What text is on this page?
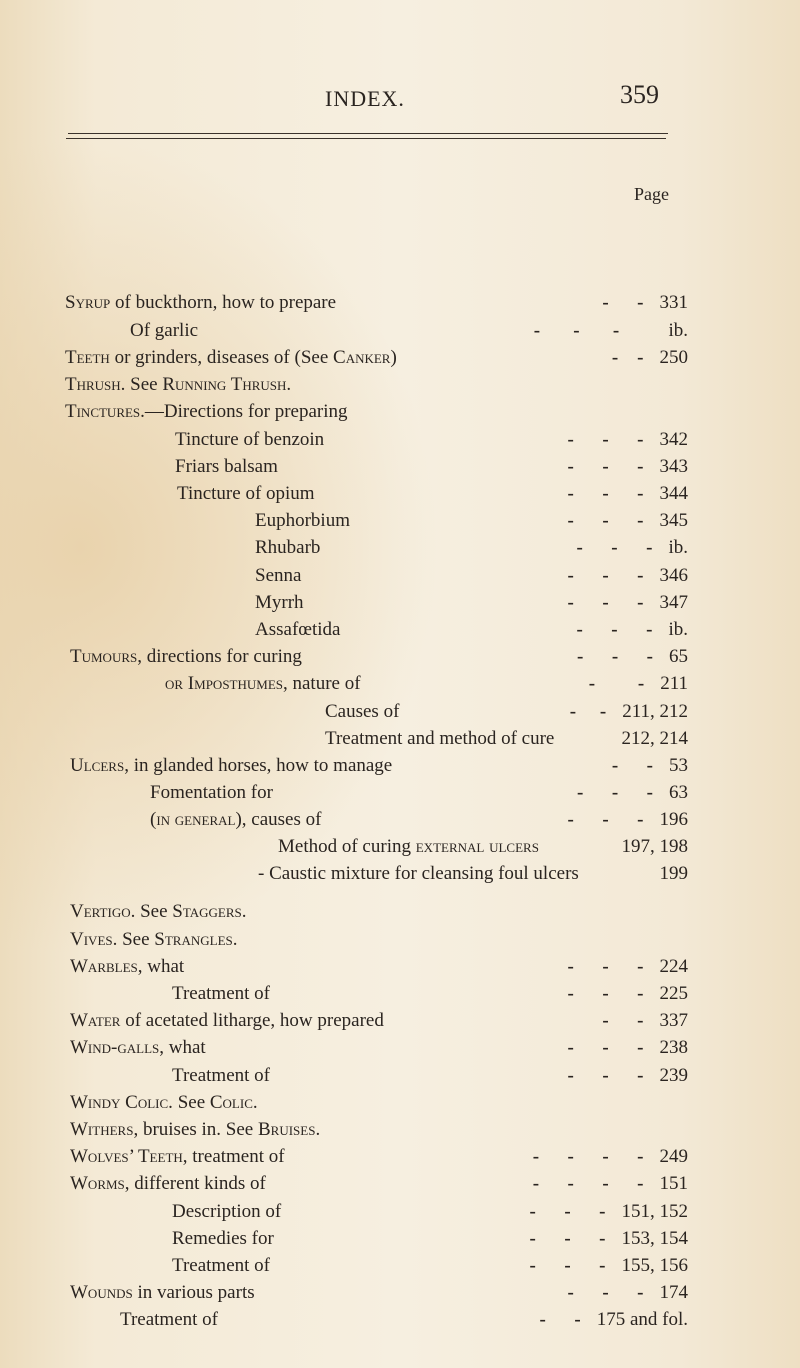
INDEX.	359
Page
Syrup of buckthorn, how to prepare	-      - 331
Of garlic	-       -       - ib.
Teeth or grinders, diseases of (See Canker)	-    - 250
Thrusн. See Running Thrush.
Tinctures.—Directions for preparing
Tincture of benzoin	-      -      - 342
Friars balsam	-      -      - 343
Tincture of opium	-      -      - 344
Euphorbium	-      -      - 345
Rhubarb	-      -      - ib.
Senna	-      -      - 346
Myrrh	-      -      - 347
Assafœtida	-      -      - ib.
Tumours, directions for curing	-      -      - 65
or Imposthumes, nature of	-         - 211
Causes of	-     - 211, 212
Treatment and method of cure	212, 214
Ulcers, in glanded horses, how to manage	-      - 53
Fomentation for	-      -      - 63
(in general), causes of	-      -      - 196
Method of curing external ulcers	197, 198
- Caustic mixture for cleansing foul ulcers	199
Vertigo. See Staggers.
Vives. See Strangles.
Warbles, what	-      -      - 224
Treatment of	-      -      - 225
Water of acetated litharge, how prepared	-      - 337
Wind-galls, what	-      -      - 238
Treatment of	-      -      - 239
Windy Colic. See Colic.
Withers, bruises in. See Bruises.
Wolves’ Teeth, treatment of	-      -      -      - 249
Worms, different kinds of	-      -      -      - 151
Description of	-      -      - 151, 152
Remedies for	-      -      - 153, 154
Treatment of	-      -      - 155, 156
Wounds in various parts	-      -      - 174
Treatment of	-      - 175 and fol.
